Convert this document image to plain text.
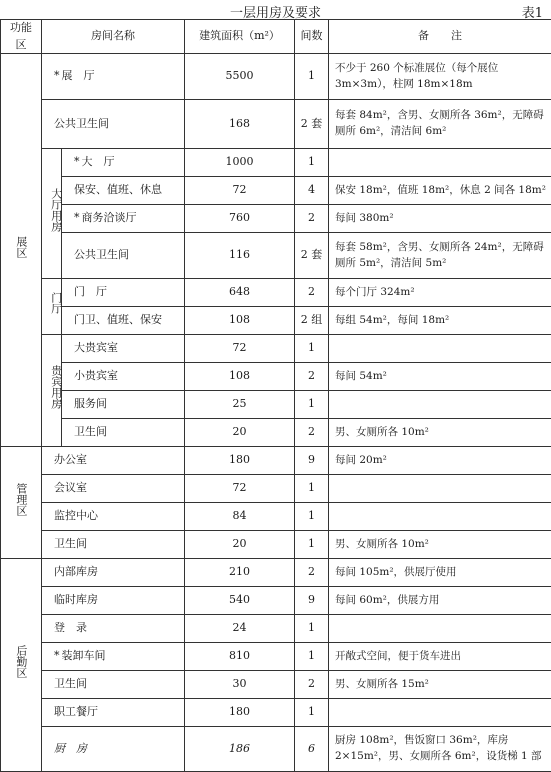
一层用房及要求	表1
功能区	房间名称		建筑面积（m²）	间数	备　　注
展区	* 展　厅		5500	1	不少于 260 个标准展位（每个展位 3m×3m），柱网 18m×18m
	公共卫生间		168	2 套	每套 84m²，含男、女厕所各 36m²，无障碍厕所 6m²，清洁间 6m²
	大厅用房	* 大　厅	1000	1	
		保安、值班、休息	72	4	保安 18m²，值班 18m²，休息 2 间各 18m²
		* 商务洽谈厅	760	2	每间 380m²
		公共卫生间	116	2 套	每套 58m²，含男、女厕所各 24m²，无障碍厕所 5m²，清洁间 5m²
	门厅	门　厅	648	2	每个门厅 324m²
		门卫、值班、保安	108	2 组	每组 54m²，每间 18m²
	贵宾用房	大贵宾室	72	1	
		小贵宾室	108	2	每间 54m²
		服务间	25	1	
		卫生间	20	2	男、女厕所各 10m²
管理区	办公室		180	9	每间 20m²
	会议室		72	1	
	监控中心		84	1	
	卫生间		20	1	男、女厕所各 10m²
后勤区	内部库房		210	2	每间 105m²，供展厅使用
	临时库房		540	9	每间 60m²，供展方用
	登　录		24	1	
	* 装卸车间		810	1	开敞式空间，便于货车进出
	卫生间		30	2	男、女厕所各 15m²
	职工餐厅		180	1	
	厨　房		186	6	厨房 108m²，售饭窗口 36m²，库房 2×15m²，男、女厕所各 6m²，设货梯 1 部
